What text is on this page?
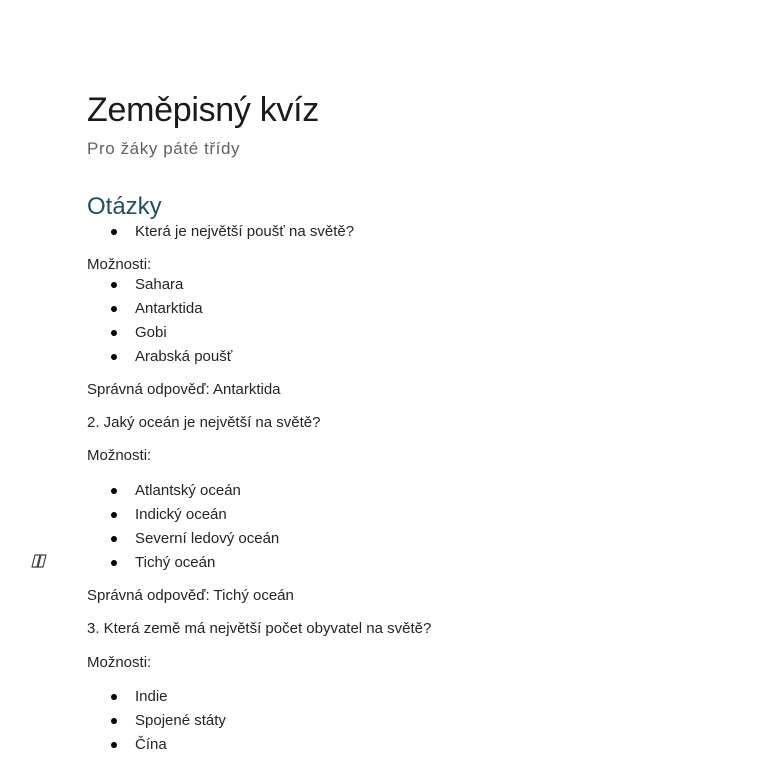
Zeměpisný kvíz

Pro žáky páté třídy

Otázky
Která je největší poušť na světě?

Možnosti:

Sahara
Antarktida
Gobi
Arabská poušť

Správná odpověď: Antarktida

2. Jaký oceán je největší na světě?

Možnosti:

Atlantský oceán
Indický oceán
Severní ledový oceán
Tichý oceán

Správná odpověď: Tichý oceán

3. Která země má největší počet obyvatel na světě?

Možnosti:

Indie
Spojené státy
Čína
